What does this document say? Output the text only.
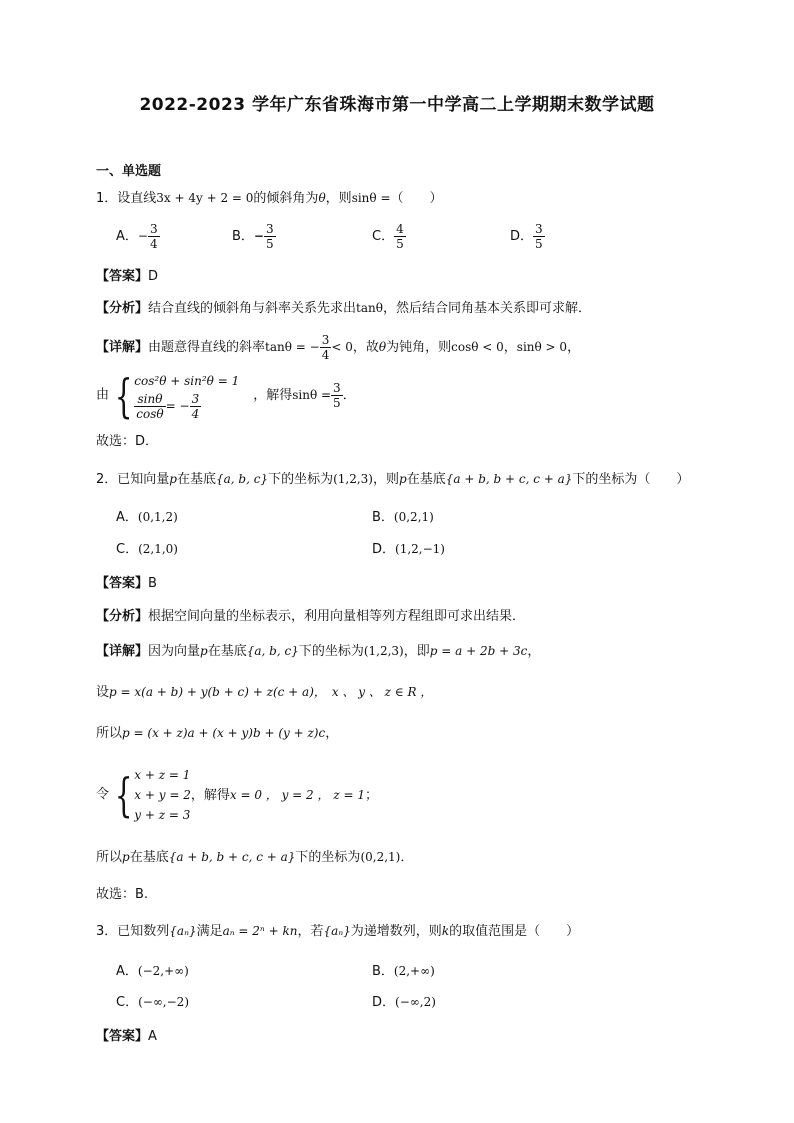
2022-2023 学年广东省珠海市第一中学高二上学期期末数学试题
一、单选题
1．设直线3x + 4y + 2 = 0的倾斜角为θ，则sinθ =（　　）
A．− $\frac{3}{4}$	B．− $\frac{3}{5}$	C． $\frac{4}{5}$	D． $\frac{3}{5}$
【答案】D
【分析】结合直线的倾斜角与斜率关系先求出tanθ，然后结合同角基本关系即可求解．
【详解】由题意得直线的斜率tanθ = − $\frac{3}{4} < 0$，故θ为钝角，则cosθ < 0，sinθ > 0，
由 { cos²θ + sin²θ = 1
$\frac{\sin\theta}{\cos\theta}$ = − $\frac{3}{4}$	，解得$\sin\theta = \frac{3}{5}$ ．
故选：D．
2．已知向量p在基底{a, b, c}下的坐标为(1,2,3)，则p在基底{a + b, b + c, c + a}下的坐标为（　　）
A．(0,1,2)	B．(0,2,1)
C．(2,1,0)	D．(1,2,−1)
【答案】B
【分析】根据空间向量的坐标表示，利用向量相等列方程组即可求出结果．
【详解】因为向量p在基底{a, b, c}下的坐标为(1,2,3)，即p = a + 2b + 3c，
设p = x(a + b) + y(b + c) + z(c + a)，　x 、 y 、 z ∈ R ，
所以p = (x + z)a + (x + y)b + (y + z)c，
令 { x + z = 1
x + y = 2
y + z = 3
，解得x = 0 ， y = 2 ， z = 1；
所以p在基底{a + b, b + c, c + a}下的坐标为(0,2,1)．
故选：B.
3．已知数列{aₙ}满足aₙ = 2ⁿ + kn，若{aₙ}为递增数列，则k的取值范围是（　　）
A．(−2,+∞)	B．(2,+∞)
C．(−∞,−2)	D．(−∞,2)
【答案】A
